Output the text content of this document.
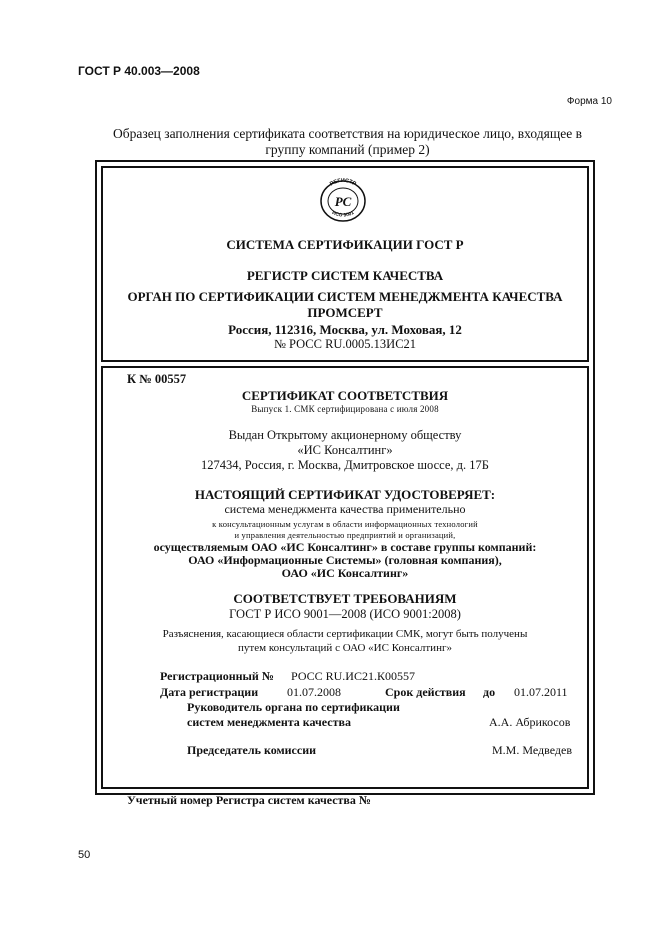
ГОСТ Р 40.003—2008
Форма 10
Образец заполнения сертификата соответствия на юридическое лицо, входящее в группу компаний (пример 2)
РЕГИСТР
ИСО 9001
РС
СИСТЕМА СЕРТИФИКАЦИИ ГОСТ Р
РЕГИСТР СИСТЕМ КАЧЕСТВА
ОРГАН ПО СЕРТИФИКАЦИИ СИСТЕМ МЕНЕДЖМЕНТА КАЧЕСТВА
ПРОМСЕРТ
Россия, 112316, Москва, ул. Моховая, 12
№ РОСС RU.0005.13ИС21
К № 00557
СЕРТИФИКАТ СООТВЕТСТВИЯ
Выпуск 1. СМК сертифицирована с июля 2008
Выдан Открытому акционерному обществу
«ИС Консалтинг»
127434, Россия, г. Москва, Дмитровское шоссе, д. 17Б
НАСТОЯЩИЙ СЕРТИФИКАТ УДОСТОВЕРЯЕТ:
система менеджмента качества применительно
к консультационным услугам в области информационных технологий
и управления деятельностью предприятий и организаций,
осуществляемым ОАО «ИС Консалтинг» в составе группы компаний:
ОАО «Информационные Системы» (головная компания),
ОАО «ИС Консалтинг»
СООТВЕТСТВУЕТ ТРЕБОВАНИЯМ
ГОСТ Р ИСО 9001—2008 (ИСО 9001:2008)
Разъяснения, касающиеся области сертификации СМК, могут быть получены
путем консультаций с ОАО «ИС Консалтинг»
Регистрационный № РОСС RU.ИС21.К00557
Дата регистрации 01.07.2008	Срок действия до 01.07.2011
Руководитель органа по сертификации
систем менеджмента качества	А.А. Абрикосов
Председатель комиссии	М.М. Медведев
Учетный номер Регистра систем качества №
50
